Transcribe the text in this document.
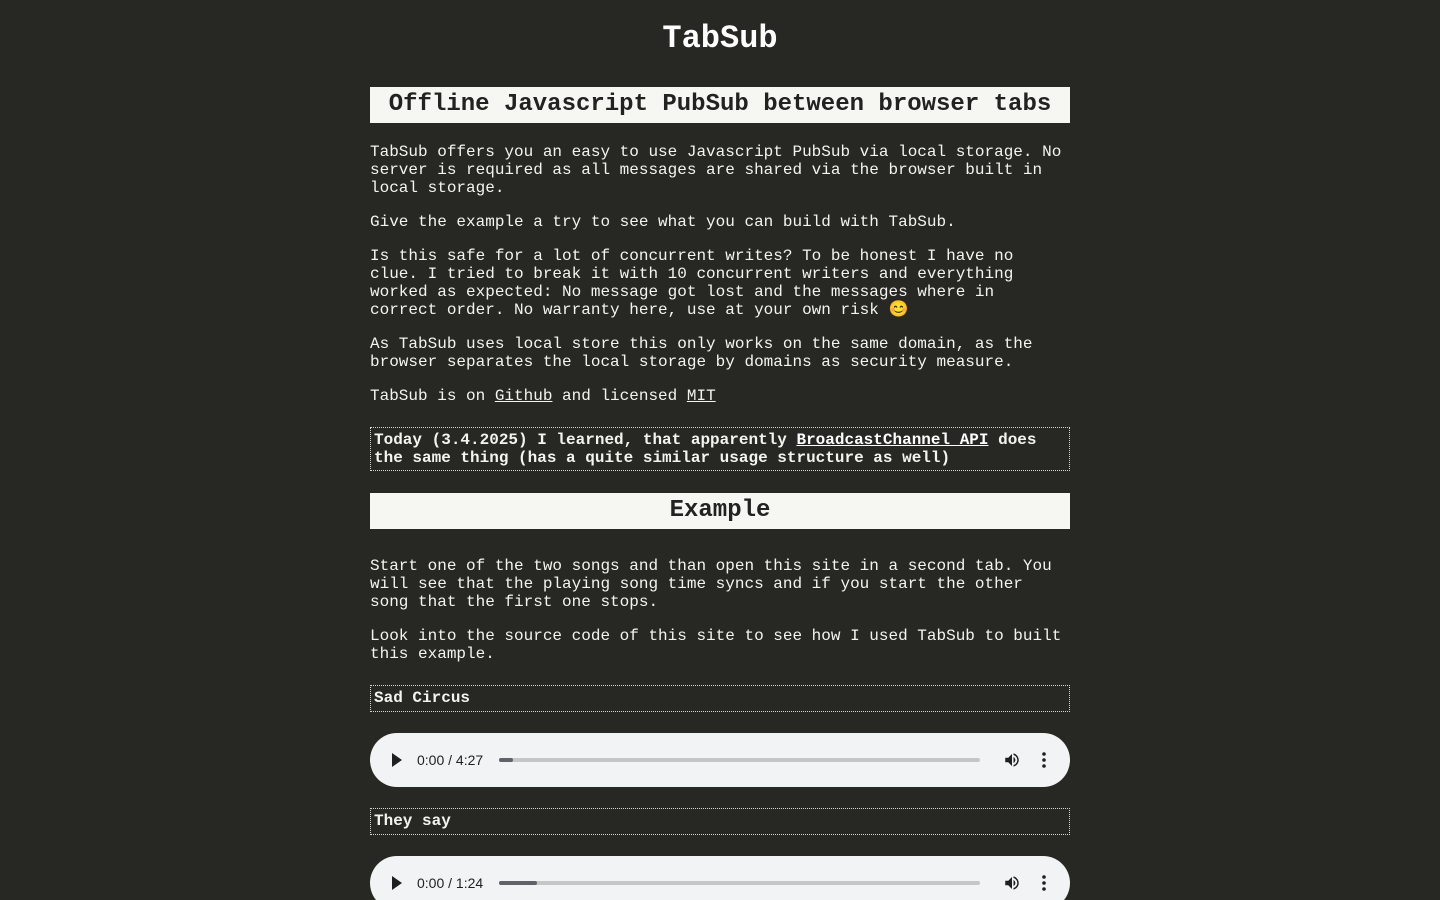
TabSub
Offline Javascript PubSub between browser tabs

TabSub offers you an easy to use Javascript PubSub via local storage. No server is required as all messages are shared via the browser built in local storage.

Give the example a try to see what you can build with TabSub.

Is this safe for a lot of concurrent writes? To be honest I have no clue. I tried to break it with 10 concurrent writers and everything worked as expected: No message got lost and the messages where in correct order. No warranty here, use at your own risk 😊

As TabSub uses local store this only works on the same domain, as the browser separates the local storage by domains as security measure.

TabSub is on Github and licensed MIT

Today (3.4.2025) I learned, that apparently BroadcastChannel API does the same thing (has a quite similar usage structure as well)
Example

Start one of the two songs and than open this site in a second tab. You will see that the playing song time syncs and if you start the other song that the first one stops.

Look into the source code of this site to see how I used TabSub to built this example.

Sad Circus
0:00 / 4:27
They say
0:00 / 1:24
